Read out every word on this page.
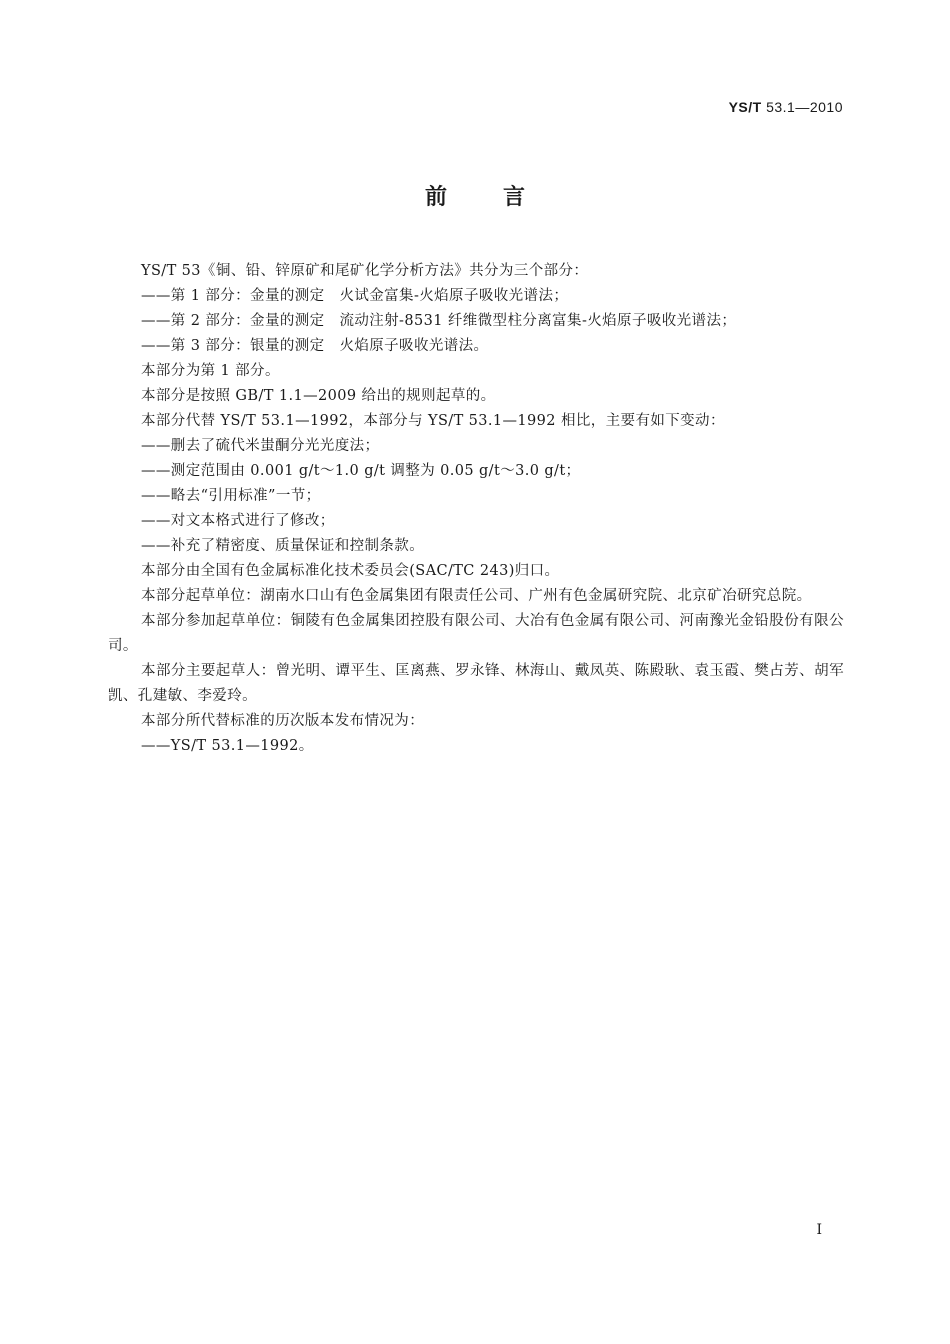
YS/T 53.1—2010
前言

YS/T 53《铜、铅、锌原矿和尾矿化学分析方法》共分为三个部分：

——第 1 部分：金量的测定　火试金富集-火焰原子吸收光谱法；

——第 2 部分：金量的测定　流动注射-8531 纤维微型柱分离富集-火焰原子吸收光谱法；

——第 3 部分：银量的测定　火焰原子吸收光谱法。

本部分为第 1 部分。

本部分是按照 GB/T 1.1—2009 给出的规则起草的。

本部分代替 YS/T 53.1—1992，本部分与 YS/T 53.1—1992 相比，主要有如下变动：

——删去了硫代米蚩酮分光光度法；

——测定范围由 0.001 g/t～1.0 g/t 调整为 0.05 g/t～3.0 g/t；

——略去“引用标准”一节；

——对文本格式进行了修改；

——补充了精密度、质量保证和控制条款。

本部分由全国有色金属标准化技术委员会(SAC/TC 243)归口。

本部分起草单位：湖南水口山有色金属集团有限责任公司、广州有色金属研究院、北京矿冶研究总院。

本部分参加起草单位：铜陵有色金属集团控股有限公司、大冶有色金属有限公司、河南豫光金铅股份有限公司。

本部分主要起草人：曾光明、谭平生、匡离燕、罗永锋、林海山、戴凤英、陈殿耿、袁玉霞、樊占芳、胡军凯、孔建敏、李爱玲。

本部分所代替标准的历次版本发布情况为：

——YS/T 53.1—1992。

I
